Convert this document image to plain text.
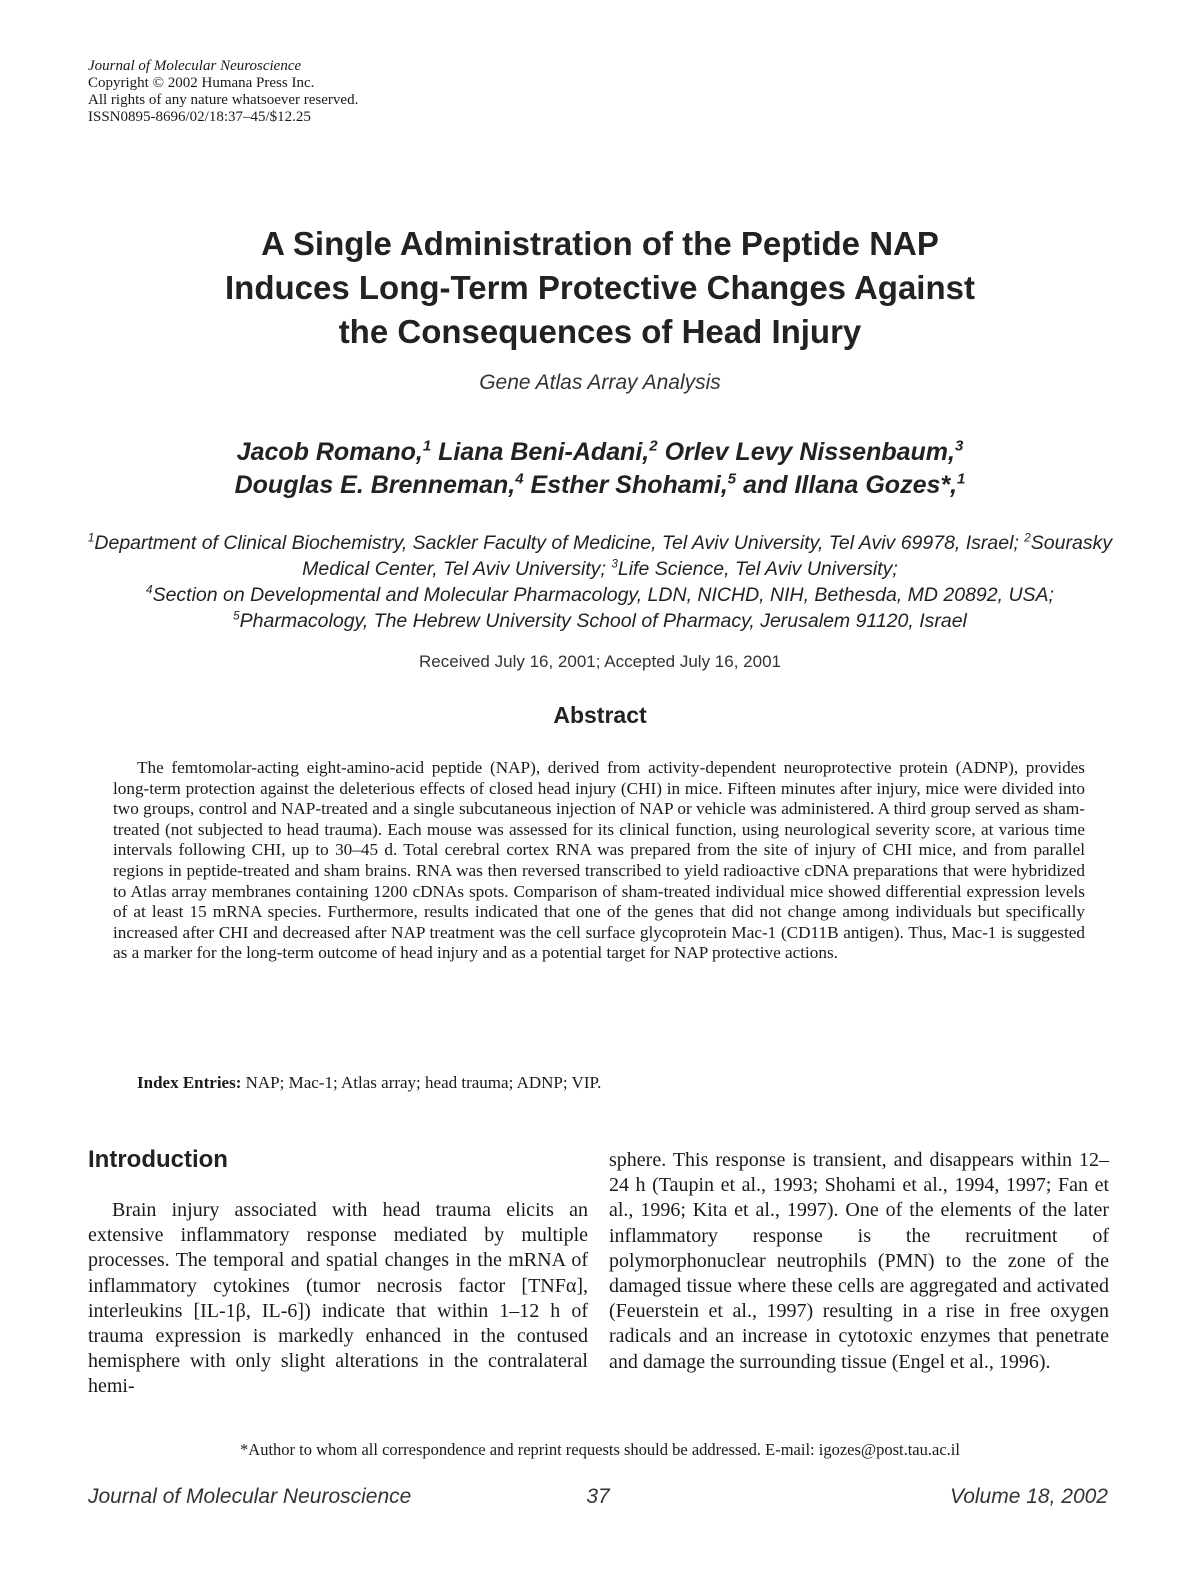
Journal of Molecular Neuroscience
Copyright © 2002 Humana Press Inc.
All rights of any nature whatsoever reserved.
ISSN0895-8696/02/18:37–45/$12.25
A Single Administration of the Peptide NAP
Induces Long-Term Protective Changes Against
the Consequences of Head Injury
Gene Atlas Array Analysis
Jacob Romano,$^1$ Liana Beni-Adani,$^2$ Orlev Levy Nissenbaum,$^3$
Douglas E. Brenneman,$^4$ Esther Shohami,$^5$ and Illana Gozes*,$^1$
$^1$Department of Clinical Biochemistry, Sackler Faculty of Medicine, Tel Aviv University, Tel Aviv 69978, Israel; $^2$Sourasky Medical Center, Tel Aviv University; $^3$Life Science, Tel Aviv University;
$^4$Section on Developmental and Molecular Pharmacology, LDN, NICHD, NIH, Bethesda, MD 20892, USA; $^5$Pharmacology, The Hebrew University School of Pharmacy, Jerusalem 91120, Israel
Received July 16, 2001; Accepted July 16, 2001
Abstract
The femtomolar-acting eight-amino-acid peptide (NAP), derived from activity-dependent neuroprotective protein (ADNP), provides long-term protection against the deleterious effects of closed head injury (CHI) in mice. Fifteen minutes after injury, mice were divided into two groups, control and NAP-treated and a single subcutaneous injection of NAP or vehicle was administered. A third group served as sham-treated (not subjected to head trauma). Each mouse was assessed for its clinical function, using neurological severity score, at various time intervals following CHI, up to 30–45 d. Total cerebral cortex RNA was prepared from the site of injury of CHI mice, and from parallel regions in peptide-treated and sham brains. RNA was then reversed transcribed to yield radioactive cDNA preparations that were hybridized to Atlas array membranes containing 1200 cDNAs spots. Comparison of sham-treated individual mice showed differential expression levels of at least 15 mRNA species. Furthermore, results indicated that one of the genes that did not change among individuals but specifically increased after CHI and decreased after NAP treatment was the cell surface glycoprotein Mac-1 (CD11B antigen). Thus, Mac-1 is suggested as a marker for the long-term outcome of head injury and as a potential target for NAP protective actions.
Index Entries: NAP; Mac-1; Atlas array; head trauma; ADNP; VIP.
Introduction
Brain injury associated with head trauma elicits an extensive inflammatory response mediated by multiple processes. The temporal and spatial changes in the mRNA of inflammatory cytokines (tumor necrosis factor [TNFα], interleukins [IL-1β, IL-6]) indicate that within 1–12 h of trauma expression is markedly enhanced in the contused hemisphere with only slight alterations in the contralateral hemi-
sphere. This response is transient, and disappears within 12–24 h (Taupin et al., 1993; Shohami et al., 1994, 1997; Fan et al., 1996; Kita et al., 1997). One of the elements of the later inflammatory response is the recruitment of polymorphonuclear neutrophils (PMN) to the zone of the damaged tissue where these cells are aggregated and activated (Feuerstein et al., 1997) resulting in a rise in free oxygen radicals and an increase in cytotoxic enzymes that penetrate and damage the surrounding tissue (Engel et al., 1996).
*Author to whom all correspondence and reprint requests should be addressed. E-mail: igozes@post.tau.ac.il
Journal of Molecular Neuroscience	37	Volume 18, 2002
